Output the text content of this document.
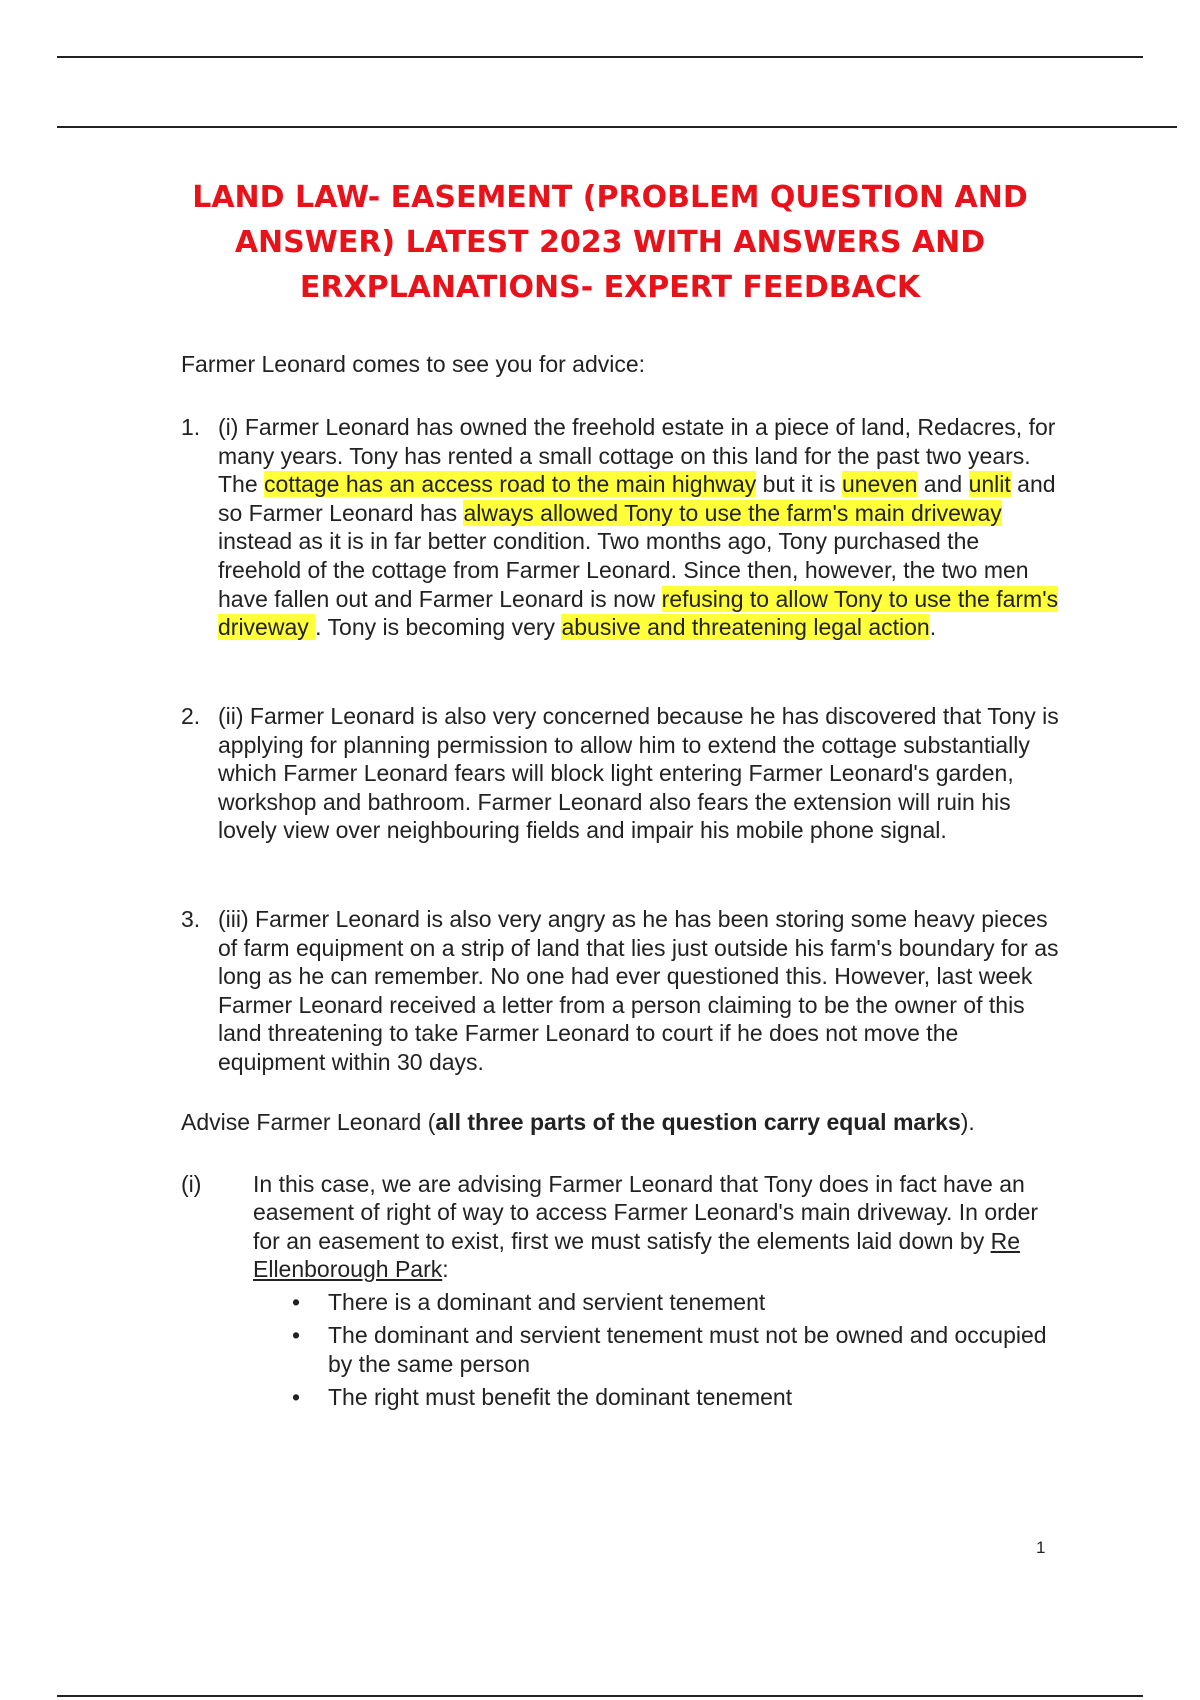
LAND LAW- EASEMENT (PROBLEM QUESTION AND
ANSWER) LATEST 2023 WITH ANSWERS AND
ERXPLANATIONS- EXPERT FEEDBACK
Farmer Leonard comes to see you for advice:
1. (i) Farmer Leonard has owned the freehold estate in a piece of land, Redacres, for many years. Tony has rented a small cottage on this land for the past two years. The cottage has an access road to the main highway but it is uneven and unlit and so Farmer Leonard has always allowed Tony to use the farm's main driveway instead as it is in far better condition. Two months ago, Tony purchased the freehold of the cottage from Farmer Leonard. Since then, however, the two men have fallen out and Farmer Leonard is now refusing to allow Tony to use the farm's driveway . Tony is becoming very abusive and threatening legal action.
2. (ii) Farmer Leonard is also very concerned because he has discovered that Tony is applying for planning permission to allow him to extend the cottage substantially which Farmer Leonard fears will block light entering Farmer Leonard's garden, workshop and bathroom. Farmer Leonard also fears the extension will ruin his lovely view over neighbouring fields and impair his mobile phone signal.
3. (iii) Farmer Leonard is also very angry as he has been storing some heavy pieces of farm equipment on a strip of land that lies just outside his farm's boundary for as long as he can remember. No one had ever questioned this. However, last week Farmer Leonard received a letter from a person claiming to be the owner of this land threatening to take Farmer Leonard to court if he does not move the equipment within 30 days.
Advise Farmer Leonard (all three parts of the question carry equal marks).
(i) In this case, we are advising Farmer Leonard that Tony does in fact have an easement of right of way to access Farmer Leonard's main driveway. In order for an easement to exist, first we must satisfy the elements laid down by Re Ellenborough Park:
• There is a dominant and servient tenement
• The dominant and servient tenement must not be owned and occupied by the same person
• The right must benefit the dominant tenement
1
